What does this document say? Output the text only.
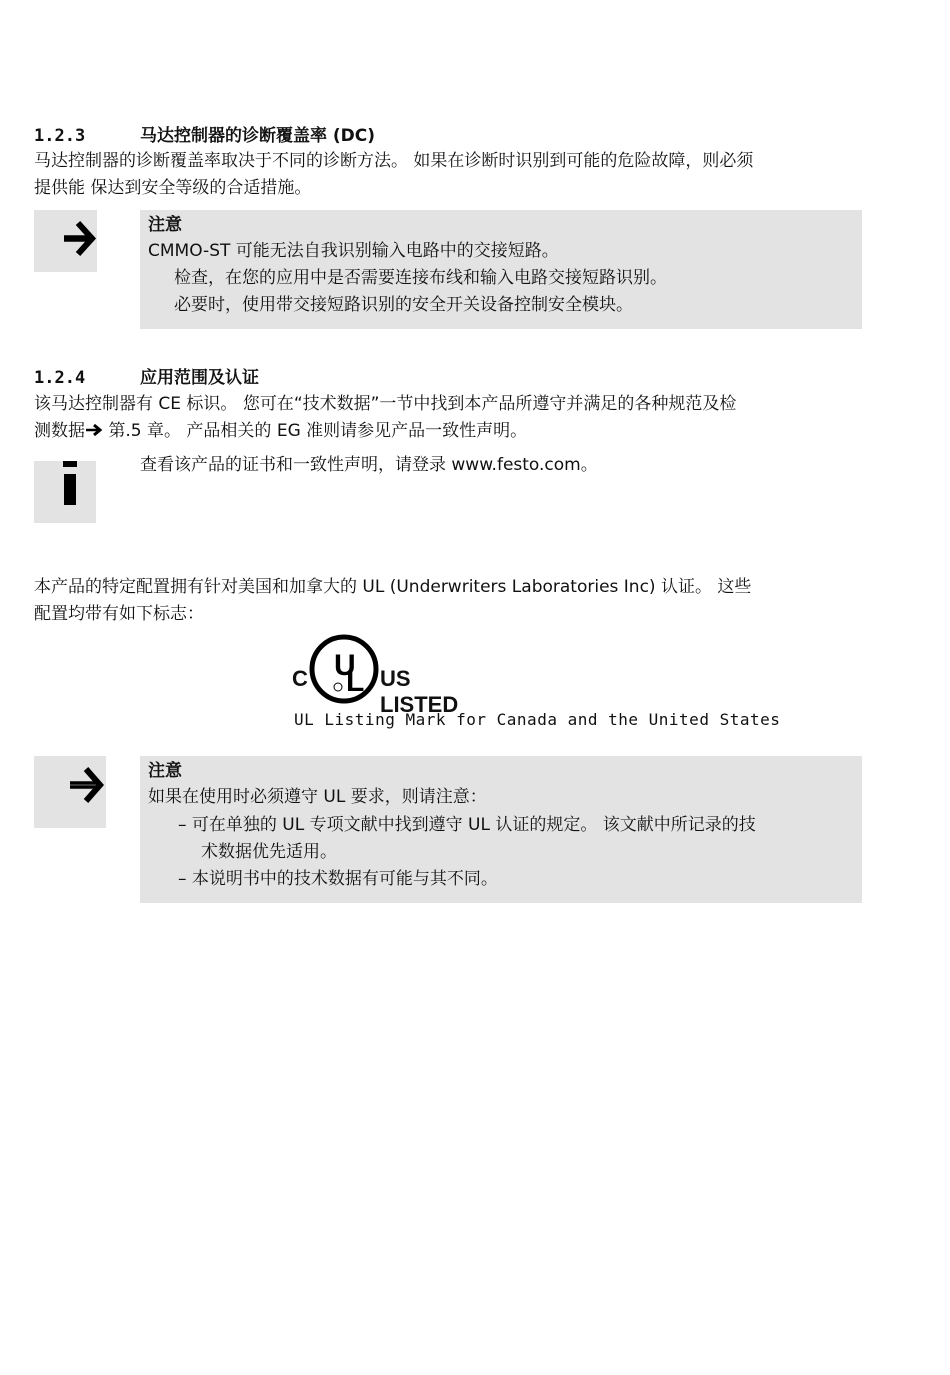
1.2.3	马达控制器的诊断覆盖率 (DC)
马达控制器的诊断覆盖率取决于不同的诊断方法。 如果在诊断时识别到可能的危险故障，则必须
提供能 保达到安全等级的合适措施。
注意
CMMO-ST 可能无法自我识别输入电路中的交接短路。
检查，在您的应用中是否需要连接布线和输入电路交接短路识别。
必要时，使用带交接短路识别的安全开关设备控制安全模块。
1.2.4	应用范围及认证
该马达控制器有 CE 标识。 您可在“技术数据”一节中找到本产品所遵守并满足的各种规范及检
测数据 第.5 章。 产品相关的 EG 准则请参见产品一致性声明。
查看该产品的证书和一致性声明，请登录 www.festo.com。
本产品的特定配置拥有针对美国和加拿大的 UL (Underwriters Laboratories Inc) 认证。 这些
配置均带有如下标志：
C U
L US LISTED
UL Listing Mark for Canada and the United States
注意
如果在使用时必须遵守 UL 要求，则请注意：
– 可在单独的 UL 专项文献中找到遵守 UL 认证的规定。 该文献中所记录的技
术数据优先适用。
– 本说明书中的技术数据有可能与其不同。
